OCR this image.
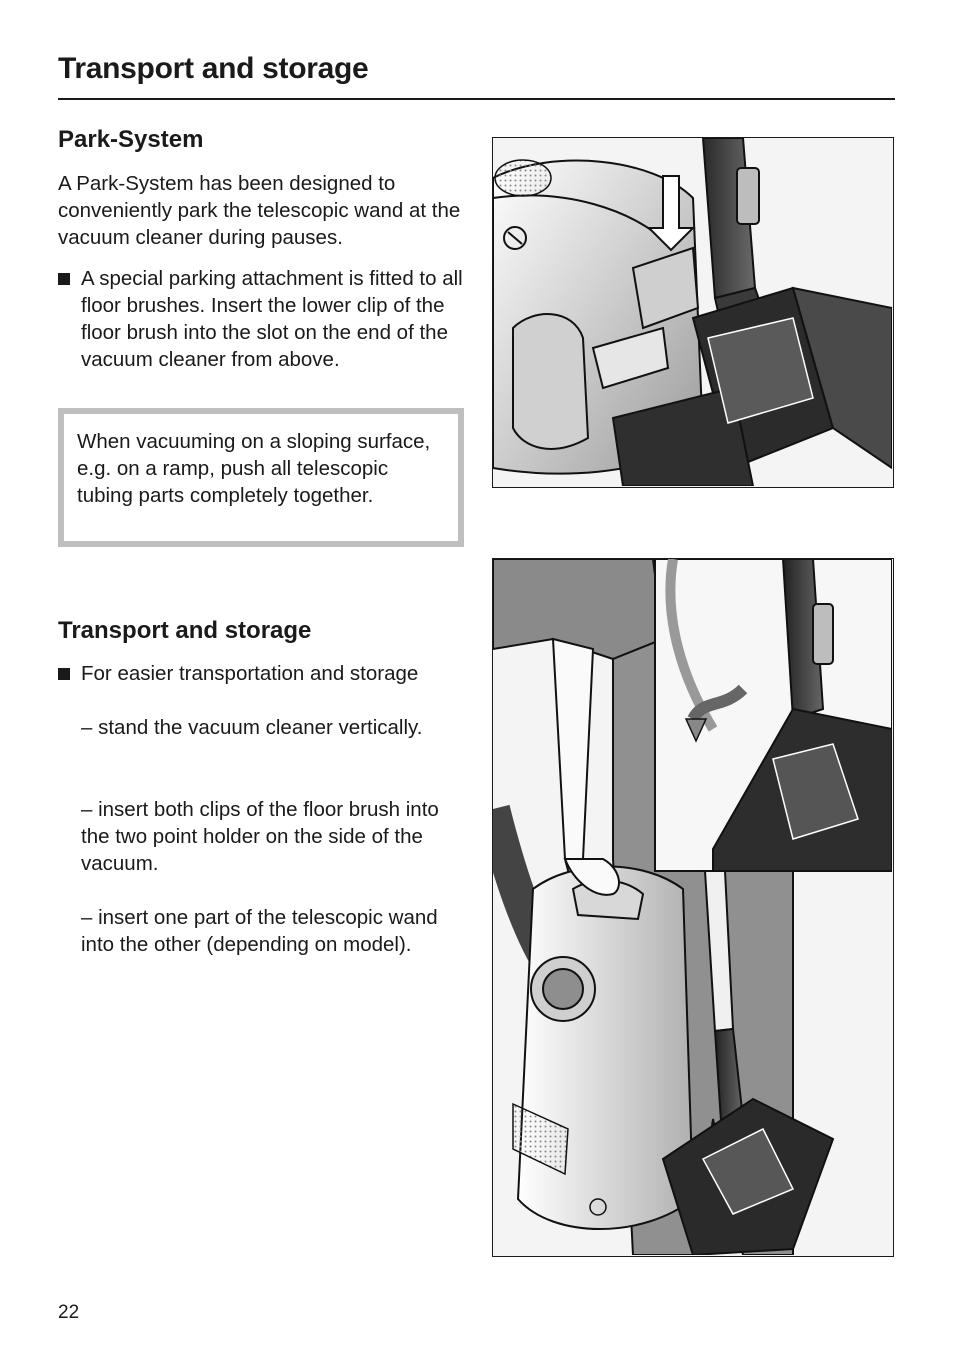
Transport and storage
Park-System

A Park-System has been designed to conveniently park the telescopic wand at the vacuum cleaner during pauses.

A special parking attachment is fitted to all floor brushes. Insert the lower clip of the floor brush into the slot on the end of the vacuum cleaner from above.
When vacuuming on a sloping surface, e.g. on a ramp, push all telescopic tubing parts completely together.
Transport and storage
For easier transportation and storage
– stand the vacuum cleaner vertically.
– insert both clips of the floor brush into the two point holder on the side of the vacuum.
– insert one part of the telescopic wand into the other (depending on model).
22
